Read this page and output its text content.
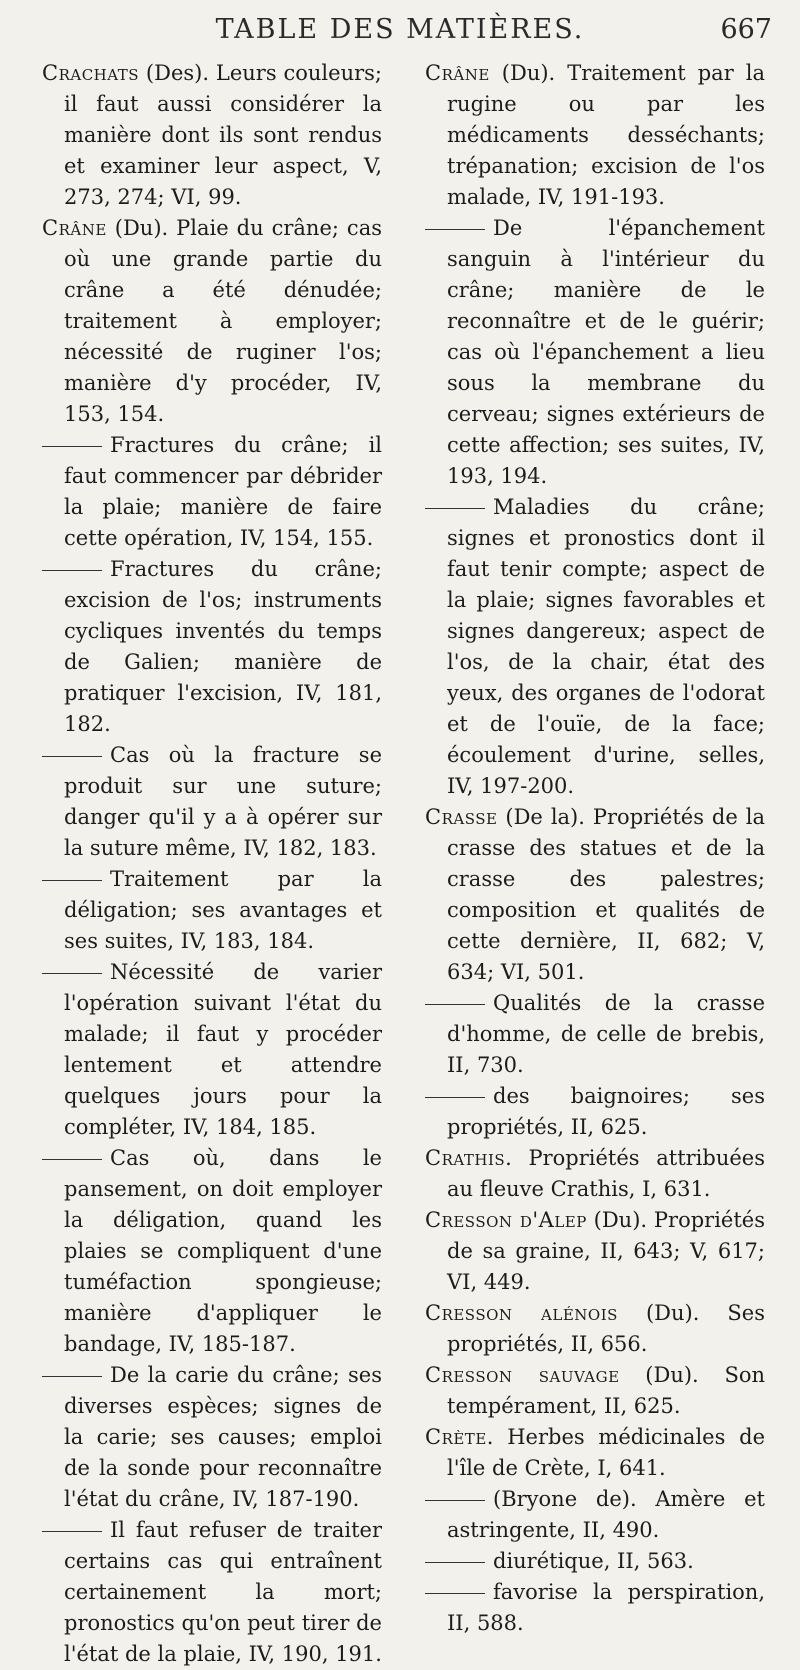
TABLE DES MATIÈRES.	667

Crachats (Des). Leurs couleurs; il faut aussi considérer la manière dont ils sont rendus et examiner leur aspect, V, 273, 274; VI, 99.

Crâne (Du). Plaie du crâne; cas où une grande partie du crâne a été dénudée; traitement à employer; nécessité de ruginer l'os; manière d'y procéder, IV, 153, 154.

Fractures du crâne; il faut commencer par débrider la plaie; manière de faire cette opération, IV, 154, 155.

Fractures du crâne; excision de l'os; instruments cycliques inventés du temps de Galien; manière de pratiquer l'excision, IV, 181, 182.

Cas où la fracture se produit sur une suture; danger qu'il y a à opérer sur la suture même, IV, 182, 183.

Traitement par la déligation; ses avantages et ses suites, IV, 183, 184.

Nécessité de varier l'opération suivant l'état du malade; il faut y procéder lentement et attendre quelques jours pour la compléter, IV, 184, 185.

Cas où, dans le pansement, on doit employer la déligation, quand les plaies se compliquent d'une tuméfaction spongieuse; manière d'appliquer le bandage, IV, 185-187.

De la carie du crâne; ses diverses espèces; signes de la carie; ses causes; emploi de la sonde pour reconnaître l'état du crâne, IV, 187-190.

Il faut refuser de traiter certains cas qui entraînent certainement la mort; pronostics qu'on peut tirer de l'état de la plaie, IV, 190, 191.

Crâne (Du). Traitement par la rugine ou par les médicaments desséchants; trépanation; excision de l'os malade, IV, 191-193.

De l'épanchement sanguin à l'intérieur du crâne; manière de le reconnaître et de le guérir; cas où l'épanchement a lieu sous la membrane du cerveau; signes extérieurs de cette affection; ses suites, IV, 193, 194.

Maladies du crâne; signes et pronostics dont il faut tenir compte; aspect de la plaie; signes favorables et signes dangereux; aspect de l'os, de la chair, état des yeux, des organes de l'odorat et de l'ouïe, de la face; écoulement d'urine, selles, IV, 197-200.

Crasse (De la). Propriétés de la crasse des statues et de la crasse des palestres; composition et qualités de cette dernière, II, 682; V, 634; VI, 501.

Qualités de la crasse d'homme, de celle de brebis, II, 730.

des baignoires; ses propriétés, II, 625.

Crathis. Propriétés attribuées au fleuve Crathis, I, 631.

Cresson d'Alep (Du). Propriétés de sa graine, II, 643; V, 617; VI, 449.

Cresson alénois (Du). Ses propriétés, II, 656.

Cresson sauvage (Du). Son tempérament, II, 625.

Crète. Herbes médicinales de l'île de Crète, I, 641.

(Bryone de). Amère et astringente, II, 490.

diurétique, II, 563.

favorise la perspiration, II, 588.
